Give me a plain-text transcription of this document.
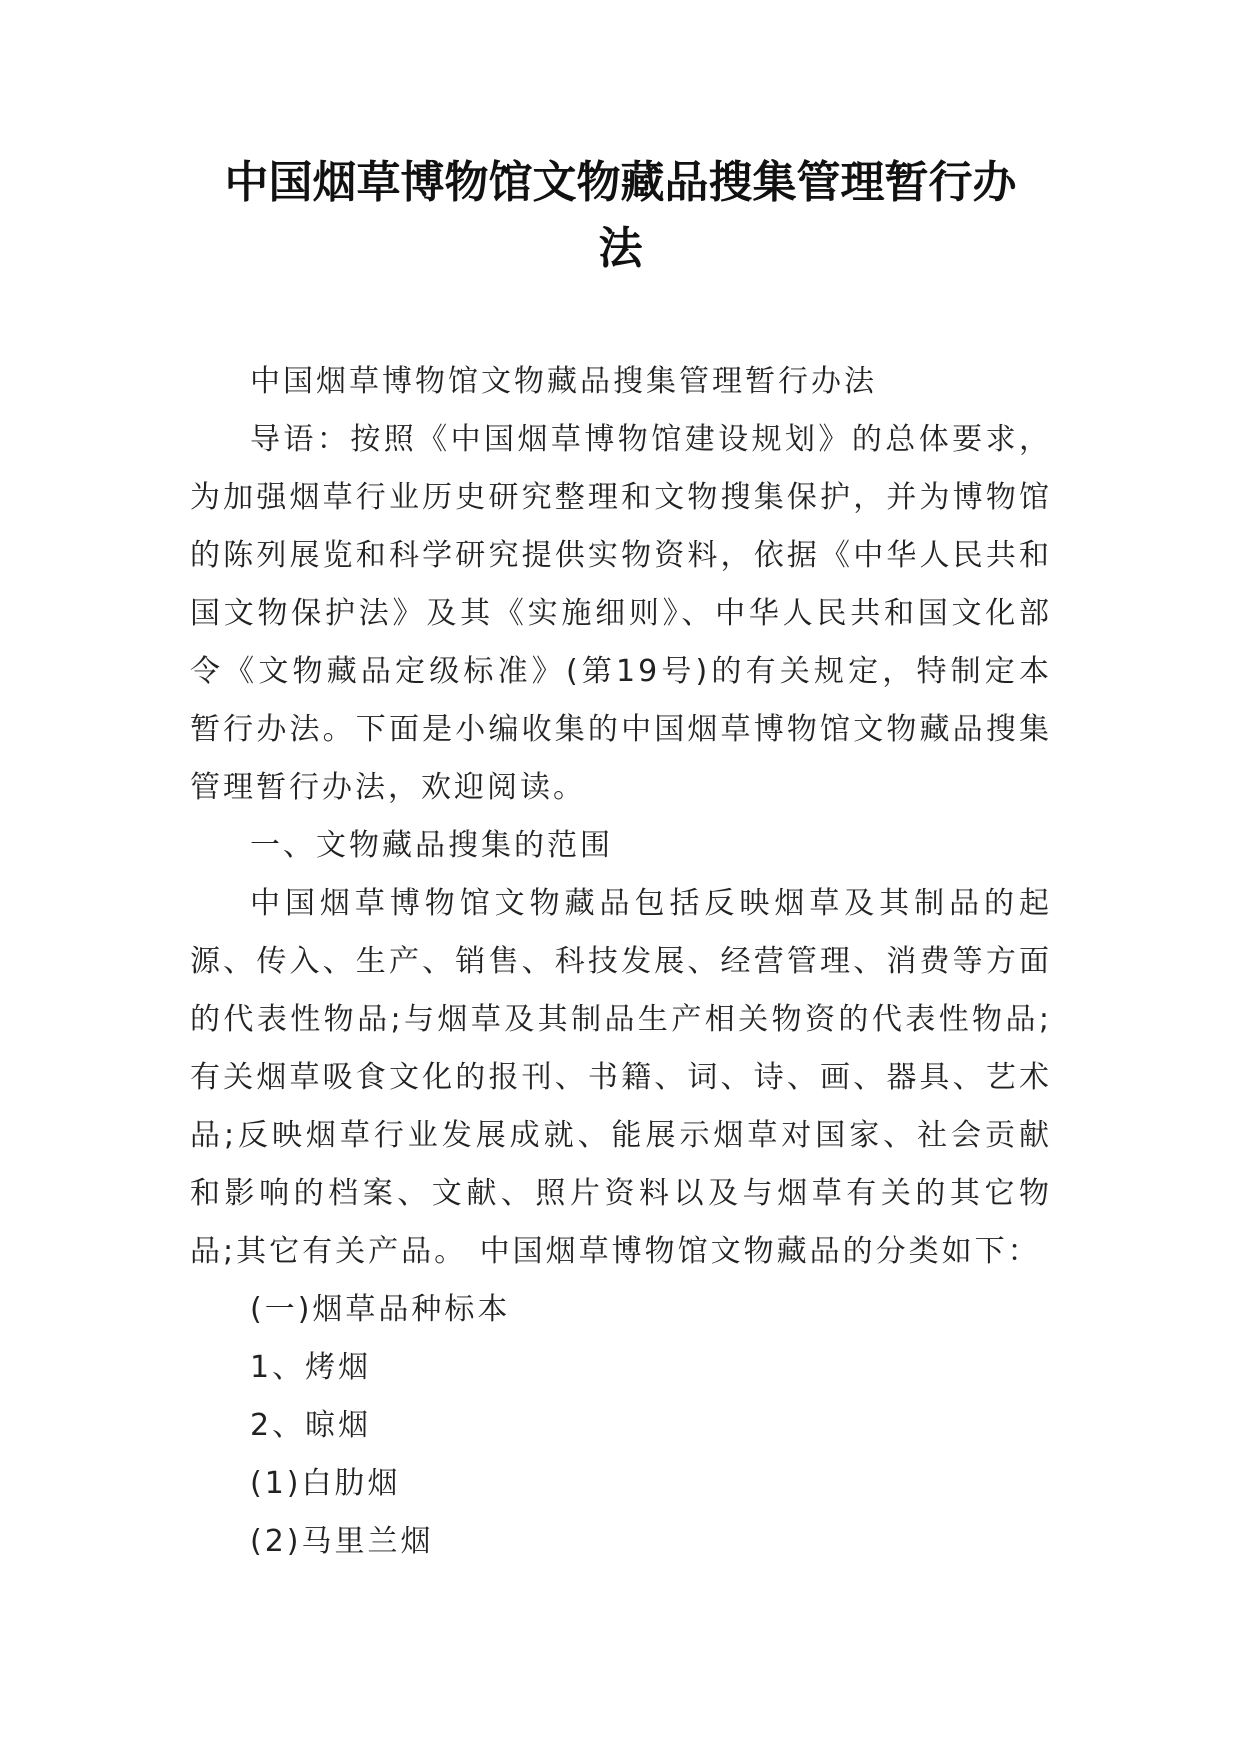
中国烟草博物馆文物藏品搜集管理暂行办
法

中国烟草博物馆文物藏品搜集管理暂行办法

导语：按照《中国烟草博物馆建设规划》的总体要求，为加强烟草行业历史研究整理和文物搜集保护，并为博物馆的陈列展览和科学研究提供实物资料，依据《中华人民共和国文物保护法》及其《实施细则》、中华人民共和国文化部令《文物藏品定级标准》(第19号)的有关规定，特制定本暂行办法。下面是小编收集的中国烟草博物馆文物藏品搜集管理暂行办法，欢迎阅读。

一、文物藏品搜集的范围

中国烟草博物馆文物藏品包括反映烟草及其制品的起源、传入、生产、销售、科技发展、经营管理、消费等方面的代表性物品;与烟草及其制品生产相关物资的代表性物品;有关烟草吸食文化的报刊、书籍、词、诗、画、器具、艺术品;反映烟草行业发展成就、能展示烟草对国家、社会贡献和影响的档案、文献、照片资料以及与烟草有关的其它物品;其它有关产品。 中国烟草博物馆文物藏品的分类如下：

(一)烟草品种标本

1、烤烟

2、晾烟

(1)白肋烟

(2)马里兰烟
